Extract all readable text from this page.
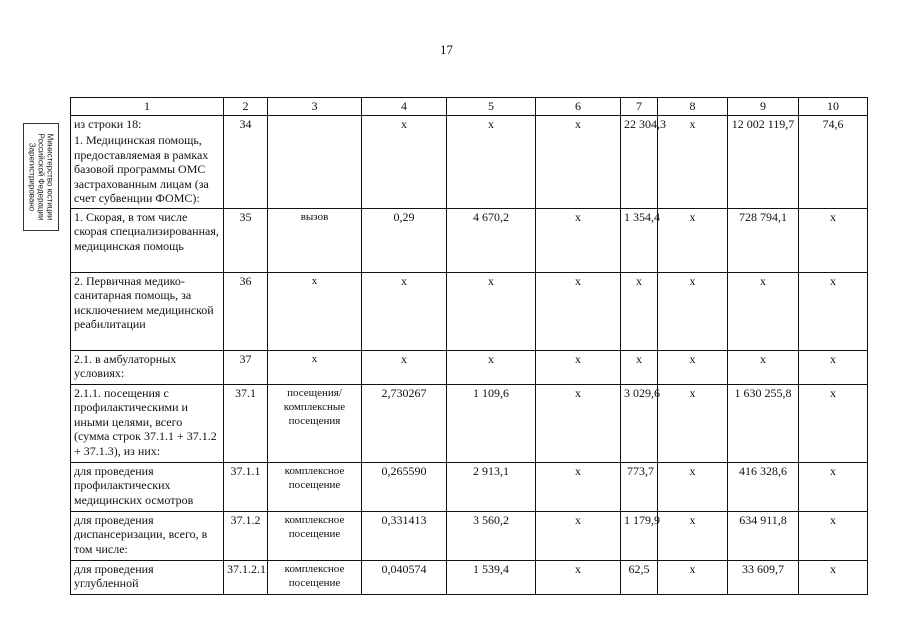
17
Министерство юстиции
Российской Федерации
Зарегистрировано
1	2	3	4	5	6	7	8	9	10

из строки 18:
1. Медицинская помощь, предоставляемая в рамках базовой программы ОМС застрахованным лицам (за счет субвенции ФОМС):	34		х	х	х	22 304,3	х	12 002 119,7	74,6
1. Скорая, в том числе скорая специализированная, медицинская помощь	35	вызов	0,29	4 670,2	х	1 354,4	х	728 794,1	х
2. Первичная медико-санитарная помощь, за исключением медицинской реабилитации	36	х	х	х	х	х	х	х	х
2.1. в амбулаторных условиях:	37	х	х	х	х	х	х	х	х
2.1.1. посещения с профилактическими и иными целями, всего (сумма строк 37.1.1 + 37.1.2 + 37.1.3), из них:	37.1	посещения/ комплексные посещения	2,730267	1 109,6	х	3 029,6	х	1 630 255,8	х
для проведения профилактических медицинских осмотров	37.1.1	комплексное посещение	0,265590	2 913,1	х	773,7	х	416 328,6	х
для проведения диспансеризации, всего, в том числе:	37.1.2	комплексное посещение	0,331413	3 560,2	х	1 179,9	х	634 911,8	х
для проведения углубленной	37.1.2.1	комплексное посещение	0,040574	1 539,4	х	62,5	х	33 609,7	х
